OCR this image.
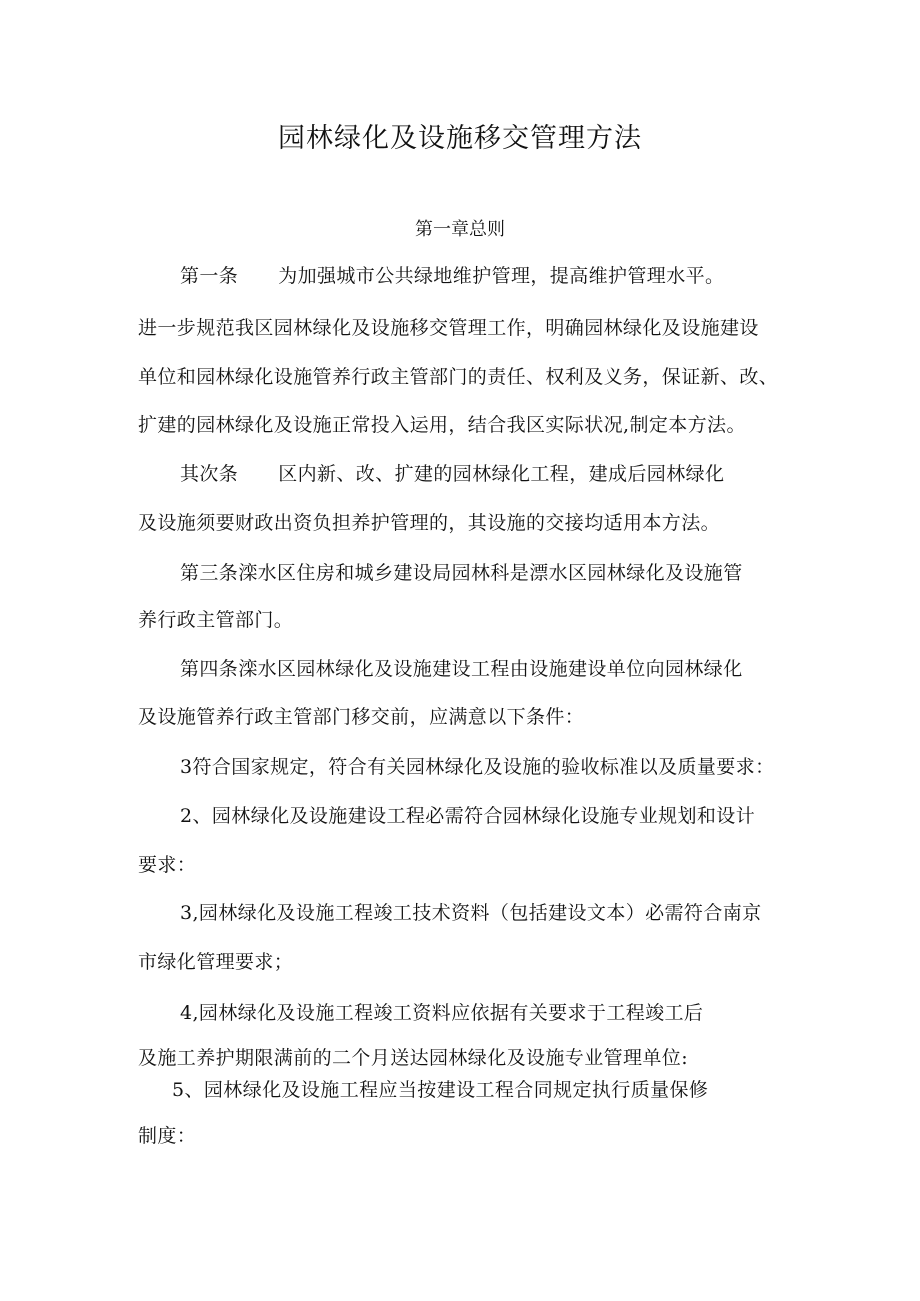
园林绿化及设施移交管理方法
第一章总则
第一条 为加强城市公共绿地维护管理，提高维护管理水平。
进一步规范我区园林绿化及设施移交管理工作，明确园林绿化及设施建设
单位和园林绿化设施管养行政主管部门的责任、权利及义务，保证新、改、
扩建的园林绿化及设施正常投入运用，结合我区实际状况,制定本方法。
其次条 区内新、改、扩建的园林绿化工程，建成后园林绿化
及设施须要财政出资负担养护管理的，其设施的交接均适用本方法。
第三条滦水区住房和城乡建设局园林科是漂水区园林绿化及设施管
养行政主管部门。
第四条滦水区园林绿化及设施建设工程由设施建设单位向园林绿化
及设施管养行政主管部门移交前，应满意以下条件：
3符合国家规定，符合有关园林绿化及设施的验收标准以及质量要求：
2、园林绿化及设施建设工程必需符合园林绿化设施专业规划和设计
要求：
3,园林绿化及设施工程竣工技术资料（包括建设文本）必需符合南京
市绿化管理要求；
4,园林绿化及设施工程竣工资料应依据有关要求于工程竣工后
及施工养护期限满前的二个月送达园林绿化及设施专业管理单位:
5、园林绿化及设施工程应当按建设工程合同规定执行质量保修
制度：
